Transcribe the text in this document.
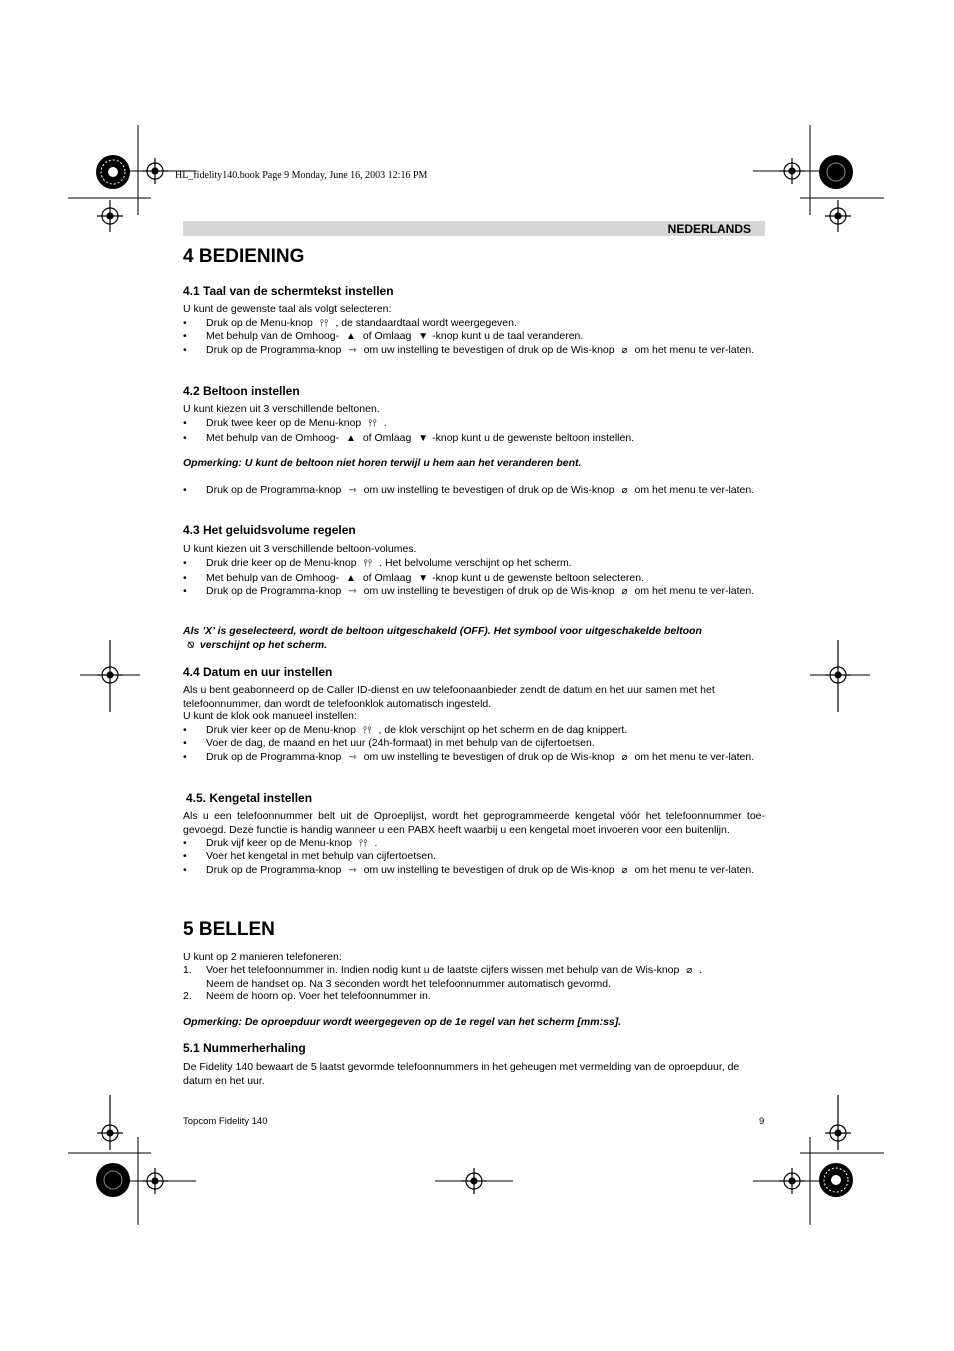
HL_fidelity140.book Page 9 Monday, June 16, 2003 12:16 PM
NEDERLANDS
4 BEDIENING
4.1 Taal van de schermtekst instellen
U kunt de gewenste taal als volgt selecteren:
•	Druk op de Menu-knop ⫯⫯ , de standaardtaal wordt weergegeven.
•	Met behulp van de Omhoog- ▲ of Omlaag ▼ -knop kunt u de taal veranderen.
•	Druk op de Programma-knop ⇾ om uw instelling te bevestigen of druk op de Wis-knop ⌀ om het menu te ver-laten.
4.2 Beltoon instellen
U kunt kiezen uit 3 verschillende beltonen.
•	Druk twee keer op de Menu-knop ⫯⫯ .
•	Met behulp van de Omhoog- ▲ of Omlaag ▼ -knop kunt u de gewenste beltoon instellen.
Opmerking: U kunt de beltoon niet horen terwijl u hem aan het veranderen bent.
•	Druk op de Programma-knop ⇾ om uw instelling te bevestigen of druk op de Wis-knop ⌀ om het menu te ver-laten.
4.3 Het geluidsvolume regelen
U kunt kiezen uit 3 verschillende beltoon-volumes.
•	Druk drie keer op de Menu-knop ⫯⫯ . Het belvolume verschijnt op het scherm.
•	Met behulp van de Omhoog- ▲ of Omlaag ▼ -knop kunt u de gewenste beltoon selecteren.
•	Druk op de Programma-knop ⇾ om uw instelling te bevestigen of druk op de Wis-knop ⌀ om het menu te ver-laten.
Als ’X’ is geselecteerd, wordt de beltoon uitgeschakeld (OFF). Het symbool voor uitgeschakelde beltoon
⍉ verschijnt op het scherm.
4.4 Datum en uur instellen
Als u bent geabonneerd op de Caller ID-dienst en uw telefoonaanbieder zendt de datum en het uur samen met het telefoonnummer, dan wordt de telefoonklok automatisch ingesteld.
U kunt de klok ook manueel instellen:
•	Druk vier keer op de Menu-knop ⫯⫯ , de klok verschijnt op het scherm en de dag knippert.
•	Voer de dag, de maand en het uur (24h-formaat) in met behulp van de cijfertoetsen.
•	Druk op de Programma-knop ⇾ om uw instelling te bevestigen of druk op de Wis-knop ⌀ om het menu te ver-laten.
4.5. Kengetal instellen
Als u een telefoonnummer belt uit de Oproeplijst, wordt het geprogrammeerde kengetal vóór het telefoonnummer toe-gevoegd. Deze functie is handig wanneer u een PABX heeft waarbij u een kengetal moet invoeren voor een buitenlijn.
•	Druk vijf keer op de Menu-knop ⫯⫯ .
•	Voer het kengetal in met behulp van cijfertoetsen.
•	Druk op de Programma-knop ⇾ om uw instelling te bevestigen of druk op de Wis-knop ⌀ om het menu te ver-laten.
5 BELLEN
U kunt op 2 manieren telefoneren:
1.	Voer het telefoonnummer in. Indien nodig kunt u de laatste cijfers wissen met behulp van de Wis-knop ⌀ .
Neem de handset op. Na 3 seconden wordt het telefoonnummer automatisch gevormd.
2.	Neem de hoorn op. Voer het telefoonnummer in.
Opmerking: De oproepduur wordt weergegeven op de 1e regel van het scherm [mm:ss].
5.1 Nummerherhaling
De Fidelity 140 bewaart de 5 laatst gevormde telefoonnummers in het geheugen met vermelding van de oproepduur, de datum en het uur.
Topcom Fidelity 140	9
